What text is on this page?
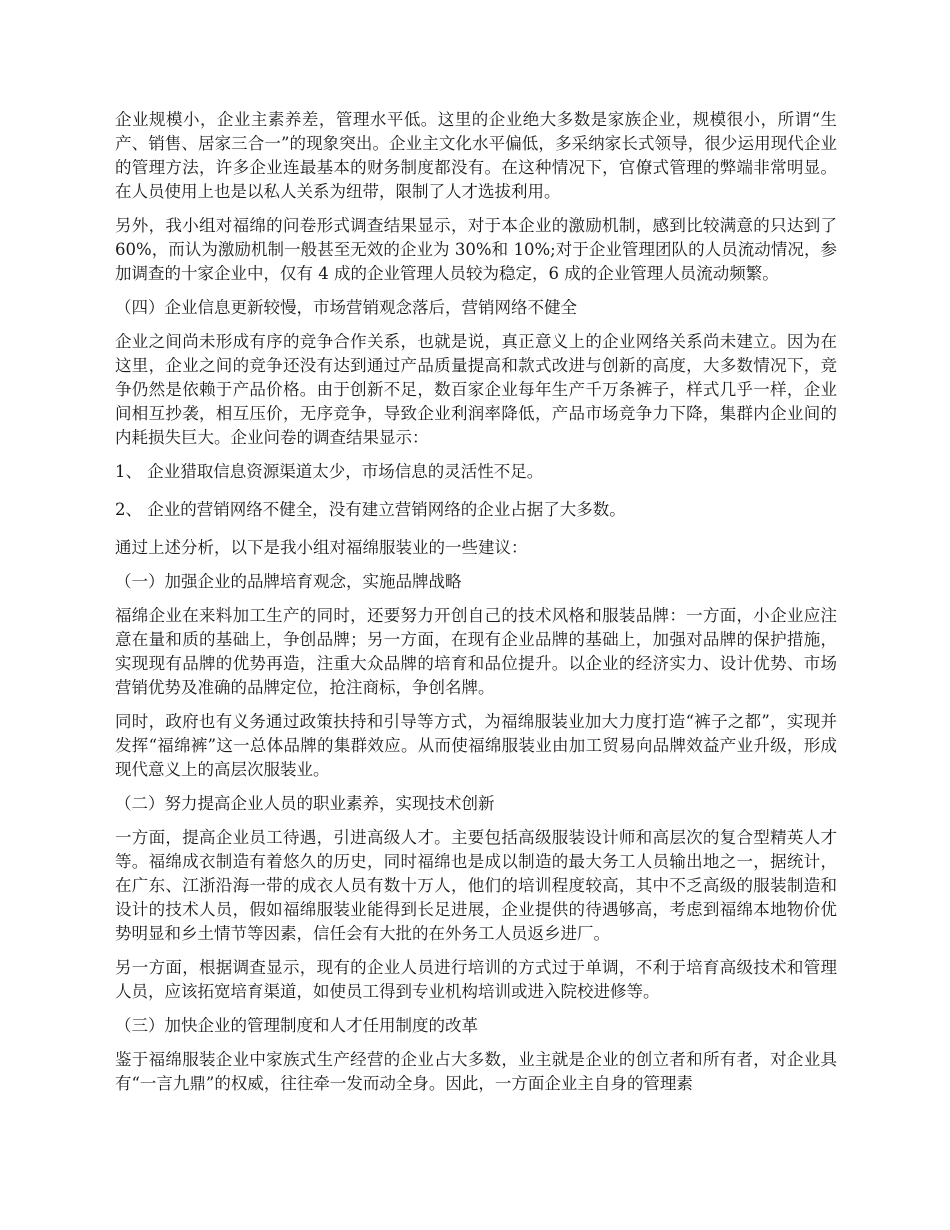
企业规模小，企业主素养差，管理水平低。这里的企业绝大多数是家族企业，规模很小，所谓“生产、销售、居家三合一”的现象突出。企业主文化水平偏低，多采纳家长式领导，很少运用现代企业的管理方法，许多企业连最基本的财务制度都没有。在这种情况下，官僚式管理的弊端非常明显。在人员使用上也是以私人关系为纽带，限制了人才选拔利用。

另外，我小组对福绵的问卷形式调查结果显示，对于本企业的激励机制，感到比较满意的只达到了 60%，而认为激励机制一般甚至无效的企业为 30%和 10%;对于企业管理团队的人员流动情况，参加调查的十家企业中，仅有 4 成的企业管理人员较为稳定，6 成的企业管理人员流动频繁。

（四）企业信息更新较慢，市场营销观念落后，营销网络不健全

企业之间尚未形成有序的竞争合作关系，也就是说，真正意义上的企业网络关系尚未建立。因为在这里，企业之间的竞争还没有达到通过产品质量提高和款式改进与创新的高度，大多数情况下，竞争仍然是依赖于产品价格。由于创新不足，数百家企业每年生产千万条裤子，样式几乎一样，企业间相互抄袭，相互压价，无序竞争，导致企业利润率降低，产品市场竞争力下降，集群内企业间的内耗损失巨大。企业问卷的调查结果显示：

1、 企业猎取信息资源渠道太少，市场信息的灵活性不足。

2、 企业的营销网络不健全，没有建立营销网络的企业占据了大多数。

通过上述分析，以下是我小组对福绵服装业的一些建议：

（一）加强企业的品牌培育观念，实施品牌战略

福绵企业在来料加工生产的同时，还要努力开创自己的技术风格和服装品牌：一方面，小企业应注意在量和质的基础上，争创品牌；另一方面，在现有企业品牌的基础上，加强对品牌的保护措施，实现现有品牌的优势再造，注重大众品牌的培育和品位提升。以企业的经济实力、设计优势、市场营销优势及准确的品牌定位，抢注商标，争创名牌。

同时，政府也有义务通过政策扶持和引导等方式，为福绵服装业加大力度打造“裤子之都”，实现并发挥“福绵裤”这一总体品牌的集群效应。从而使福绵服装业由加工贸易向品牌效益产业升级，形成现代意义上的高层次服装业。

（二）努力提高企业人员的职业素养，实现技术创新

一方面，提高企业员工待遇，引进高级人才。主要包括高级服装设计师和高层次的复合型精英人才等。福绵成衣制造有着悠久的历史，同时福绵也是成以制造的最大务工人员输出地之一，据统计，在广东、江浙沿海一带的成衣人员有数十万人，他们的培训程度较高，其中不乏高级的服装制造和设计的技术人员，假如福绵服装业能得到长足进展，企业提供的待遇够高，考虑到福绵本地物价优势明显和乡土情节等因素，信任会有大批的在外务工人员返乡进厂。

另一方面，根据调查显示，现有的企业人员进行培训的方式过于单调，不利于培育高级技术和管理人员，应该拓宽培育渠道，如使员工得到专业机构培训或进入院校进修等。

（三）加快企业的管理制度和人才任用制度的改革

鉴于福绵服装企业中家族式生产经营的企业占大多数，业主就是企业的创立者和所有者，对企业具有“一言九鼎”的权威，往往牵一发而动全身。因此，一方面企业主自身的管理素
